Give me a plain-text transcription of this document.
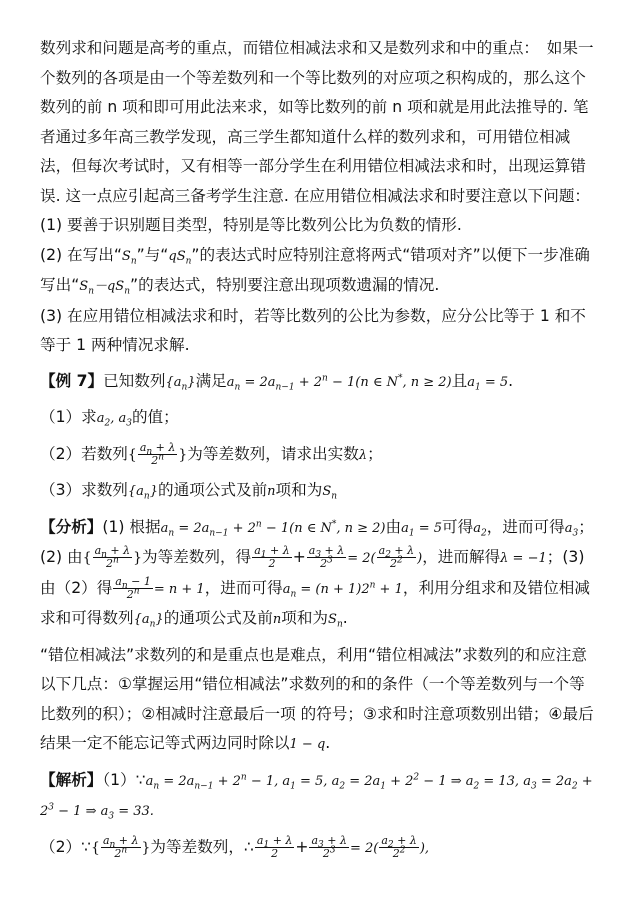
数列求和问题是高考的重点，而错位相减法求和又是数列求和中的重点：　如果一个数列的各项是由一个等差数列和一个等比数列的对应项之积构成的，那么这个数列的前 n 项和即可用此法来求，如等比数列的前 n 项和就是用此法推导的. 笔者通过多年高三教学发现，高三学生都知道什么样的数列求和，可用错位相减法，但每次考试时，又有相等一部分学生在利用错位相减法求和时，出现运算错误. 这一点应引起高三备考学生注意. 在应用错位相减法求和时要注意以下问题：

(1) 要善于识别题目类型，特别是等比数列公比为负数的情形.

(2) 在写出“$S_n$”与“$qS_n$”的表达式时应特别注意将两式“错项对齐”以便下一步准确写出“$S_n-qS_n$”的表达式，特别要注意出现项数遗漏的情况.

(3) 在应用错位相减法求和时，若等比数列的公比为参数，应分公比等于 1 和不等于 1 两种情况求解.

【例 7】已知数列$\{a_n\}$满足$a_n = 2a_{n-1} + 2^n - 1(n$ ∈ N*, n ≥ 2)且$a_1 = 5$.

（1）求$a_2$, $a_3$的值；

（2）若数列{ $\frac{a_n + \lambda}{2^n}$ }为等差数列，请求出实数λ；

（3）求数列$\{a_n\}$的通项公式及前n项和为$S_n$

【分析】(1) 根据$a_n = 2a_{n-1} + 2^n - 1(n$ ∈ N*, n ≥ 2)由$a_1 = 5$可得$a_2$，进而可得$a_3$；(2) 由{ $\frac{a_n + \lambda}{2^n}$ }为等差数列，得 $\frac{a_1 + \lambda}{2} + \frac{a_3 + \lambda}{2^3} = 2( \frac{a_2 + \lambda}{2^2}$ )，进而解得λ = −1；(3) 由（2）得 $\frac{a_n - 1}{2^n} = n + 1$，进而可得$a_n = (n + 1)2^n + 1$，利用分组求和及错位相减求和可得数列$\{a_n\}$的通项公式及前n项和为$S_n$.

“错位相减法”求数列的和是重点也是难点，利用“错位相减法”求数列的和应注意以下几点：①掌握运用“错位相减法”求数列的和的条件（一个等差数列与一个等比数列的积）；②相减时注意最后一项 的符号；③求和时注意项数别出错；④最后结果一定不能忘记等式两边同时除以1 − q.

【解析】$(1)\because a_n = 2a_{n-1} + 2^n - 1$, $a_1 = 5$, $a_2 = 2a_1 + 2^2 - 1$ ⇒ $a_2 = 13$, $a_3 = 2a_2 + 2^3 - 1$ ⇒ $a_3 = 33$.

（2）∵{ $\frac{a_n + \lambda}{2^n}$ }为等差数列，∴ $\frac{a_1 + \lambda}{2} + \frac{a_3 + \lambda}{2^3} = 2( \frac{a_2 + \lambda}{2^2}$ ),
